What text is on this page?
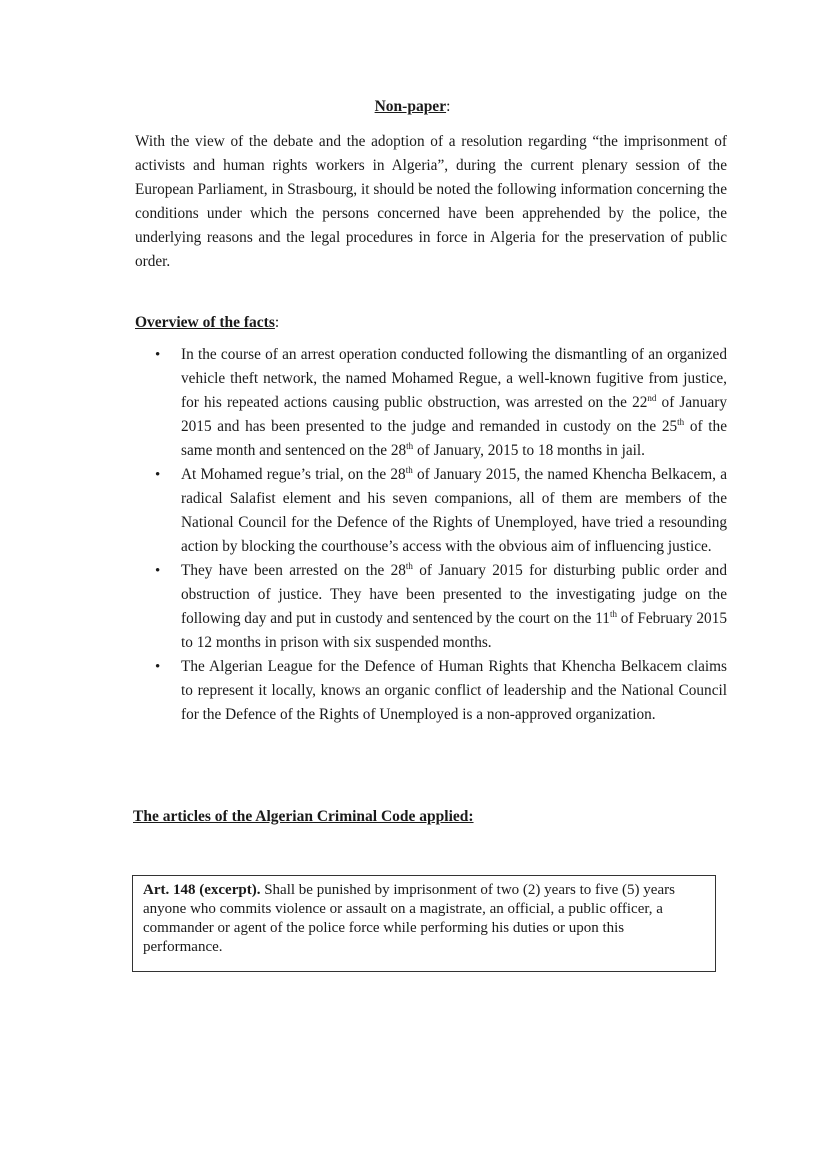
Non-paper:

With the view of the debate and the adoption of a resolution regarding “the imprisonment of activists and human rights workers in Algeria”, during the current plenary session of the European Parliament, in Strasbourg, it should be noted the following information concerning the conditions under which the persons concerned have been apprehended by the police, the underlying reasons and the legal procedures in force in Algeria for the preservation of public order.

Overview of the facts:
• In the course of an arrest operation conducted following the dismantling of an organized vehicle theft network, the named Mohamed Regue, a well-known fugitive from justice, for his repeated actions causing public obstruction, was arrested on the 22nd of January 2015 and has been presented to the judge and remanded in custody on the 25th of the same month and sentenced on the 28th of January, 2015 to 18 months in jail.
• At Mohamed regue’s trial, on the 28th of January 2015, the named Khencha Belkacem, a radical Salafist element and his seven companions, all of them are members of the National Council for the Defence of the Rights of Unemployed, have tried a resounding action by blocking the courthouse’s access with the obvious aim of influencing justice.
• They have been arrested on the 28th of January 2015 for disturbing public order and obstruction of justice. They have been presented to the investigating judge on the following day and put in custody and sentenced by the court on the 11th of February 2015 to 12 months in prison with six suspended months.
• The Algerian League for the Defence of Human Rights that Khencha Belkacem claims to represent it locally, knows an organic conflict of leadership and the National Council for the Defence of the Rights of Unemployed is a non-approved organization.
The articles of the Algerian Criminal Code applied:
Art. 148 (excerpt). Shall be punished by imprisonment of two (2) years to five (5) years anyone who commits violence or assault on a magistrate, an official, a public officer, a commander or agent of the police force while performing his duties or upon this performance.
